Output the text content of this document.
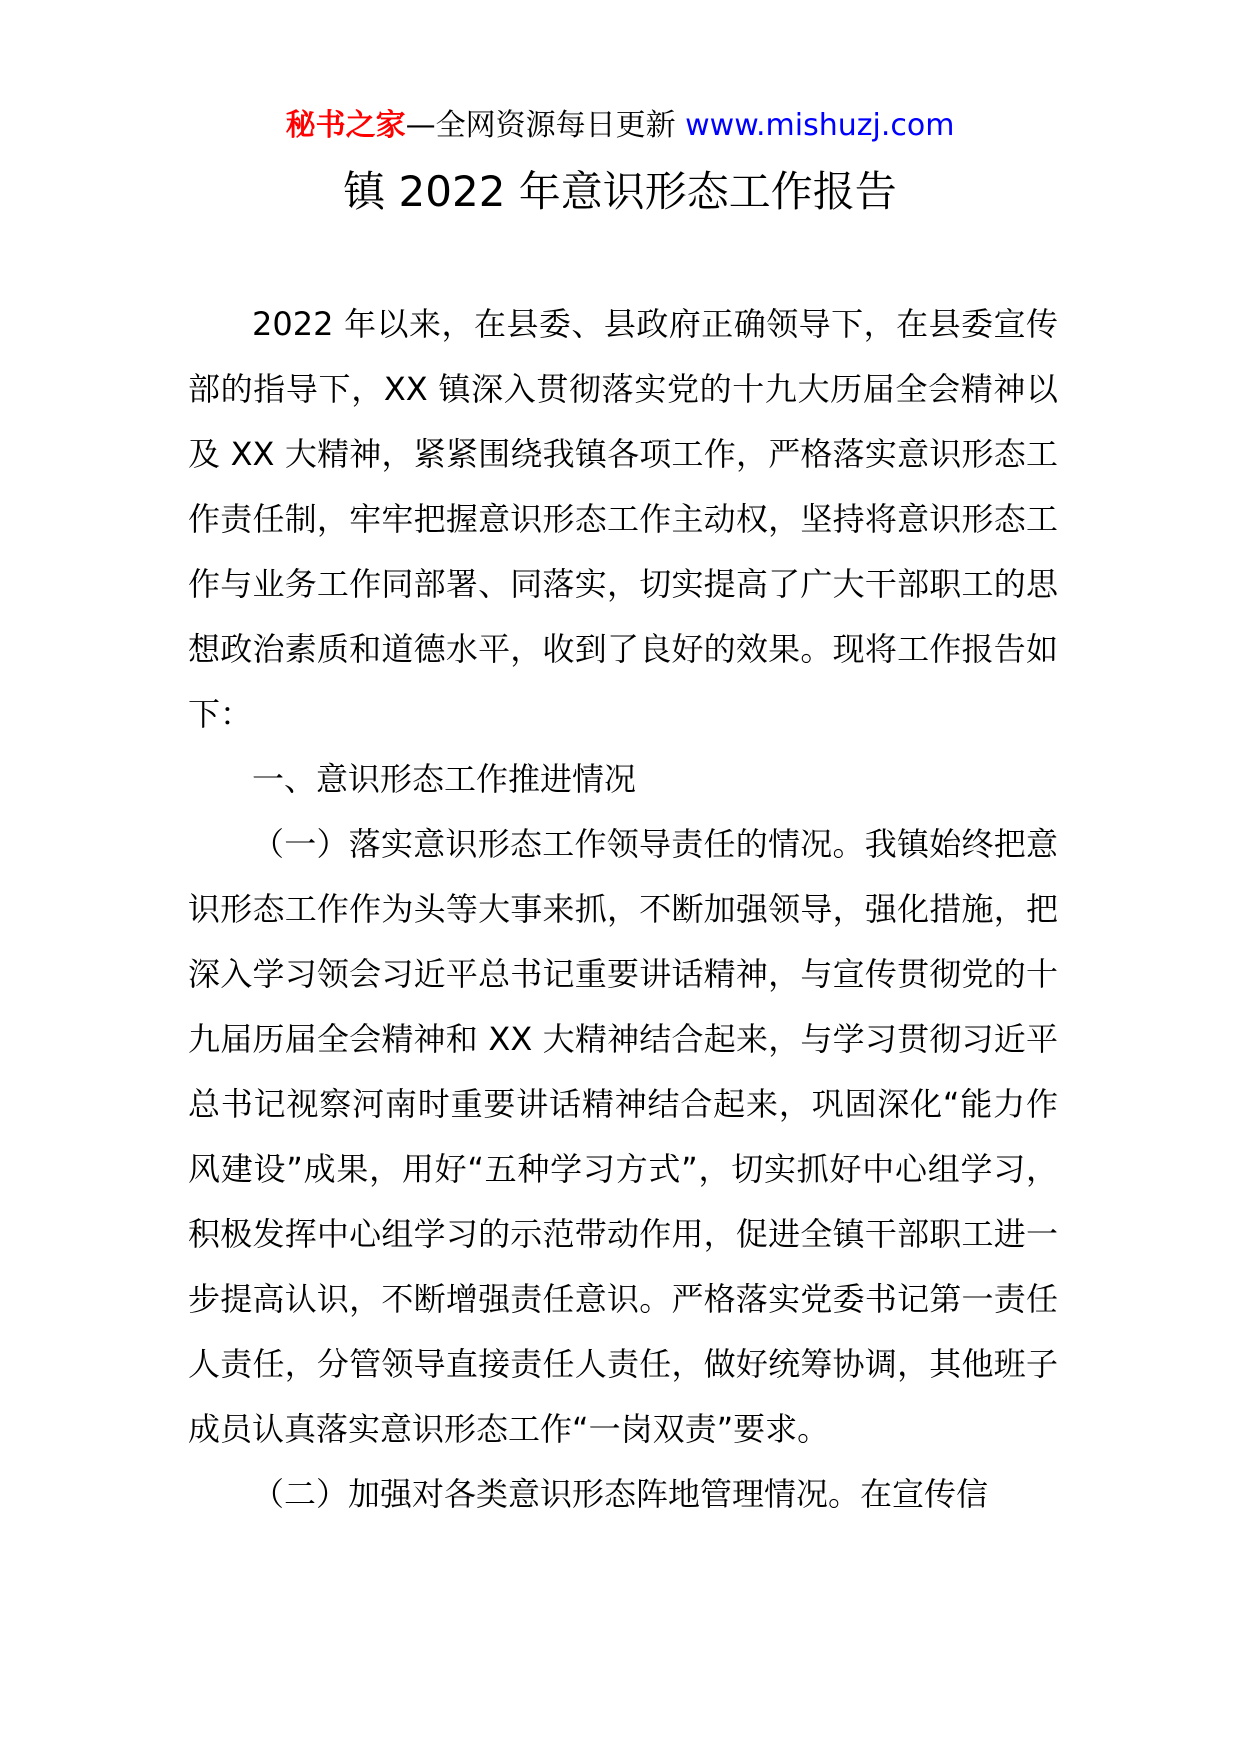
秘书之家—全网资源每日更新 www.mishuzj.com
镇 2022 年意识形态工作报告

2022 年以来，在县委、县政府正确领导下，在县委宣传部的指导下，XX 镇深入贯彻落实党的十九大历届全会精神以及 XX 大精神，紧紧围绕我镇各项工作，严格落实意识形态工作责任制，牢牢把握意识形态工作主动权，坚持将意识形态工作与业务工作同部署、同落实，切实提高了广大干部职工的思想政治素质和道德水平，收到了良好的效果。现将工作报告如下：

一、意识形态工作推进情况

（一）落实意识形态工作领导责任的情况。我镇始终把意识形态工作作为头等大事来抓，不断加强领导，强化措施，把深入学习领会习近平总书记重要讲话精神，与宣传贯彻党的十九届历届全会精神和 XX 大精神结合起来，与学习贯彻习近平总书记视察河南时重要讲话精神结合起来，巩固深化“能力作风建设”成果，用好“五种学习方式”，切实抓好中心组学习，积极发挥中心组学习的示范带动作用，促进全镇干部职工进一步提高认识，不断增强责任意识。严格落实党委书记第一责任人责任，分管领导直接责任人责任，做好统筹协调，其他班子成员认真落实意识形态工作“一岗双责”要求。

（二）加强对各类意识形态阵地管理情况。在宣传信
